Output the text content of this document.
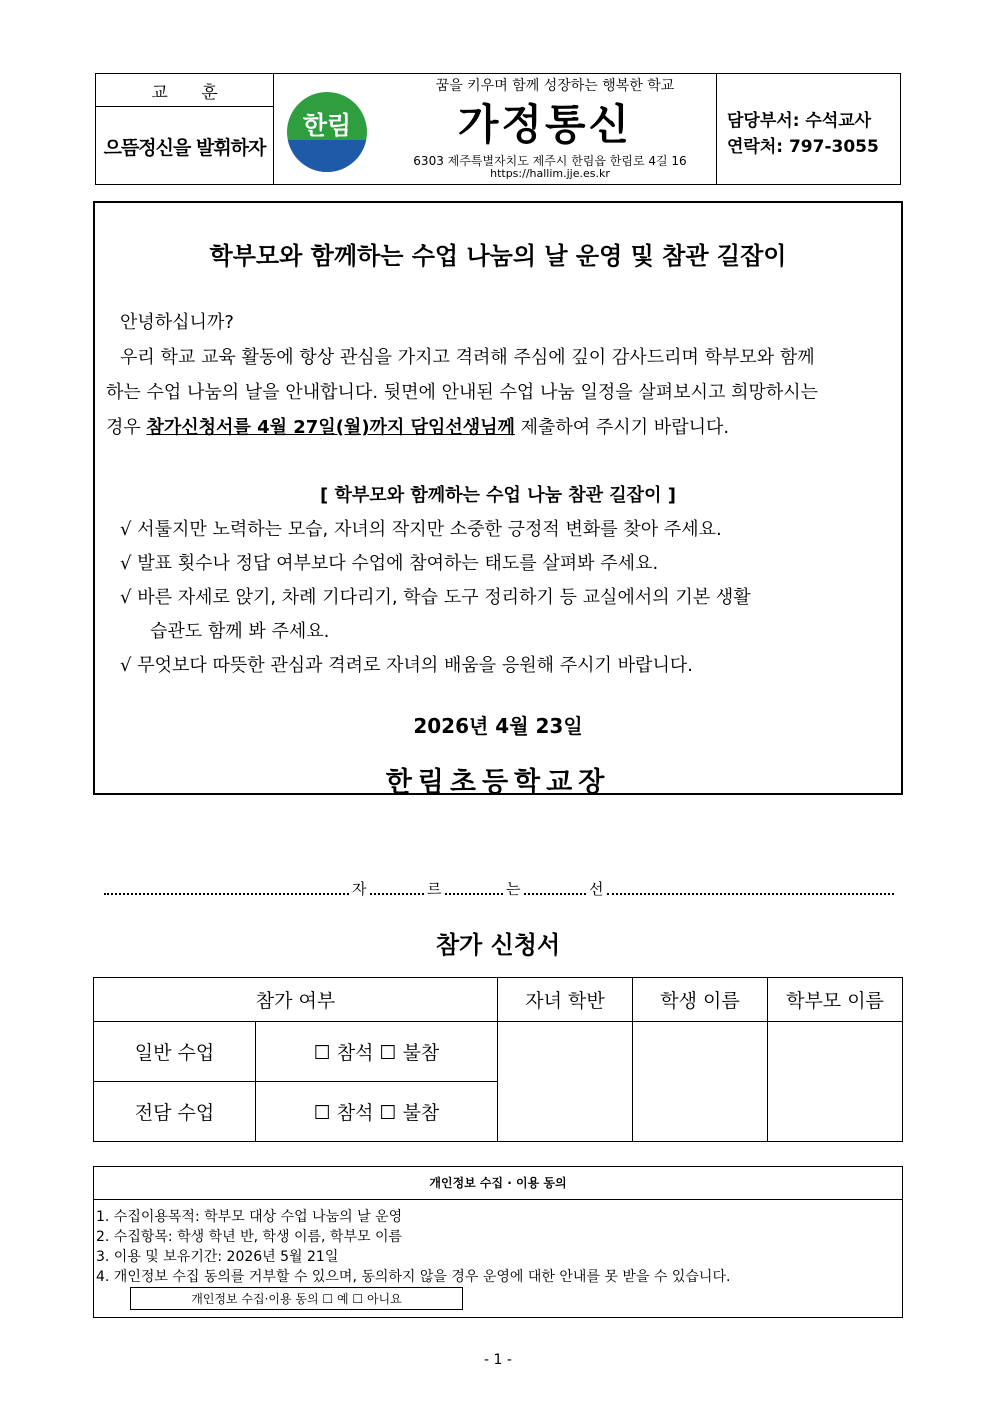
교 훈
으뜸정신을 발휘하자
담당부서: 수석교사
연락처: 797-3055
한림
꿈을 키우며 함께 성장하는 행복한 학교
가정통신
6303 제주특별자치도 제주시 한림읍 한림로 4길 16
https://hallim.jje.es.kr
학부모와 함께하는 수업 나눔의 날 운영 및 참관 길잡이
안녕하십니까?
우리 학교 교육 활동에 항상 관심을 가지고 격려해 주심에 깊이 감사드리며 학부모와 함께
하는 수업 나눔의 날을 안내합니다. 뒷면에 안내된 수업 나눔 일정을 살펴보시고 희망하시는
경우 참가신청서를 4월 27일(월)까지 담임선생님께 제출하여 주시기 바랍니다.
[ 학부모와 함께하는 수업 나눔 참관 길잡이 ]
√ 서툴지만 노력하는 모습, 자녀의 작지만 소중한 긍정적 변화를 찾아 주세요.
√ 발표 횟수나 정답 여부보다 수업에 참여하는 태도를 살펴봐 주세요.
√ 바른 자세로 앉기, 차례 기다리기, 학습 도구 정리하기 등 교실에서의 기본 생활
습관도 함께 봐 주세요.
√ 무엇보다 따뜻한 관심과 격려로 자녀의 배움을 응원해 주시기 바랍니다.
2026년 4월 23일
한림초등학교장
자	르	는	선
참가 신청서
참가 여부		자녀 학반	학생 이름	학부모 이름
일반 수업	☐ 참석 ☐ 불참			
전담 수업	☐ 참석 ☐ 불참			
개인정보 수집 · 이용 동의
1. 수집이용목적: 학부모 대상 수업 나눔의 날 운영
2. 수집항목: 학생 학년 반, 학생 이름, 학부모 이름
3. 이용 및 보유기간: 2026년 5월 21일
4. 개인정보 수집 동의를 거부할 수 있으며, 동의하지 않을 경우 운영에 대한 안내를 못 받을 수 있습니다.
개인정보 수집·이용 동의 ☐ 예 ☐ 아니요
- 1 -
